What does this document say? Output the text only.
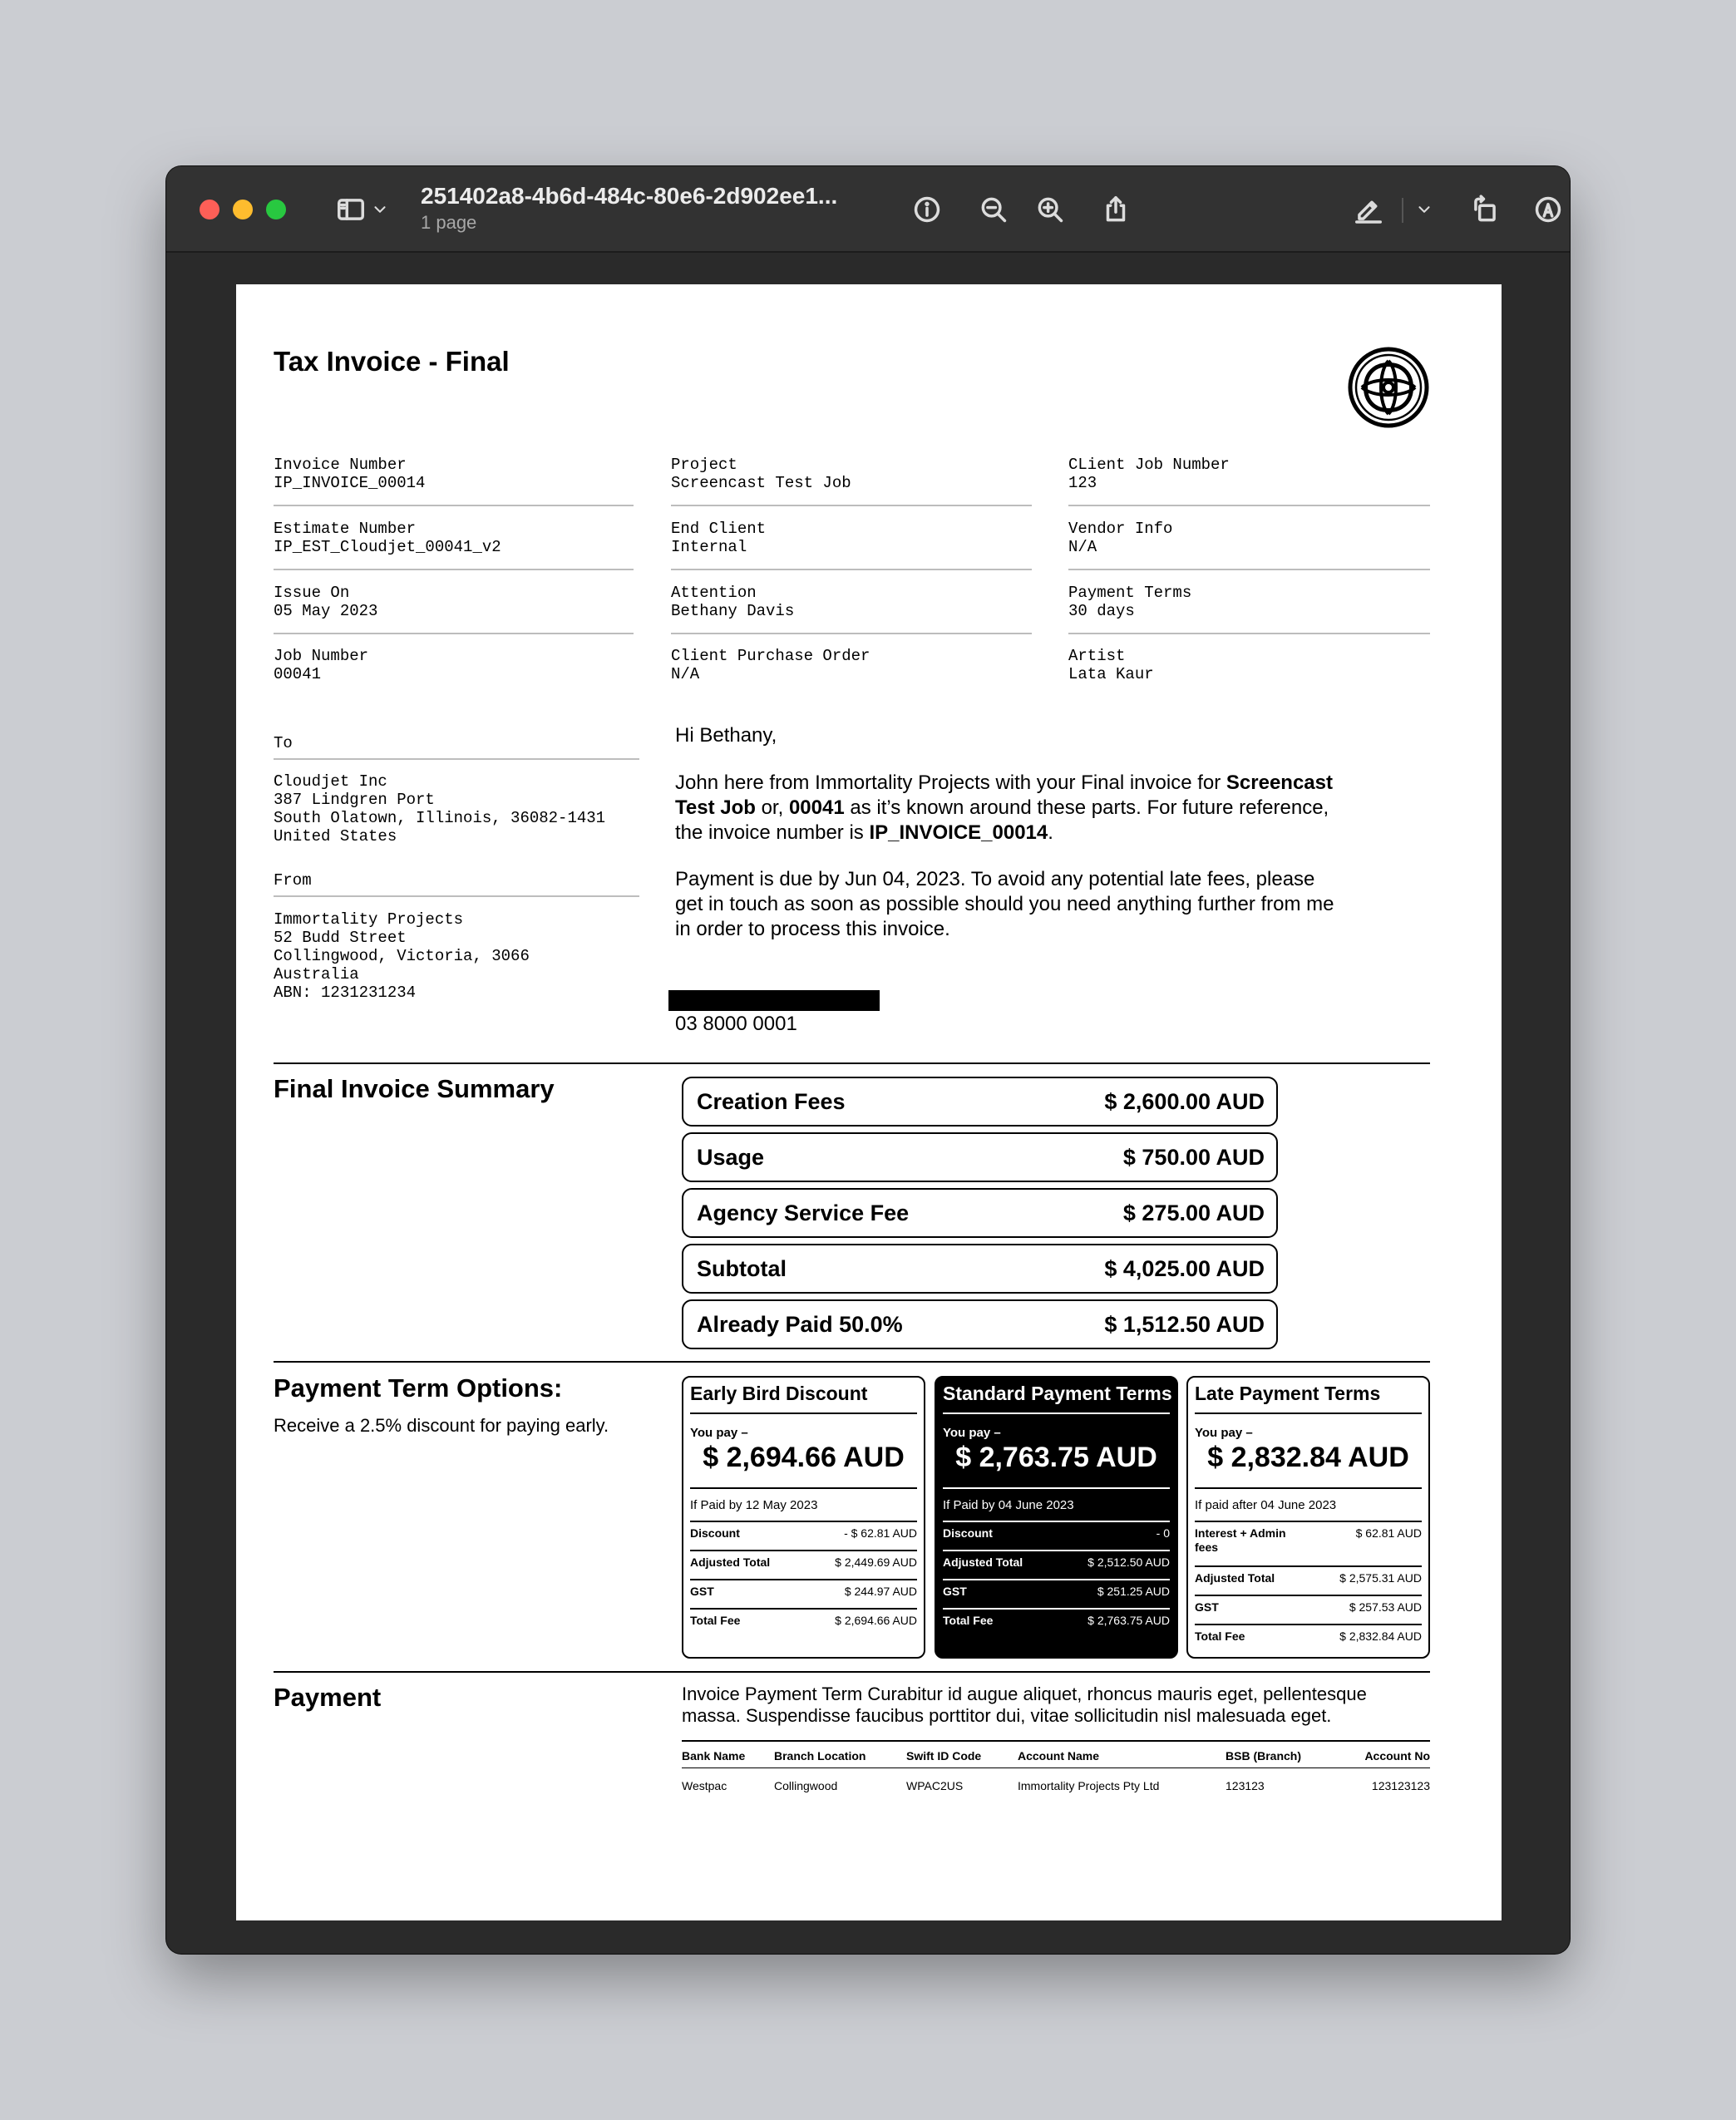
251402a8-4b6d-484c-80e6-2d902ee1...
1 page
Tax Invoice - Final
Invoice Number
IP_INVOICE_00014
Project
Screencast Test Job
CLient Job Number
123
Estimate Number
IP_EST_Cloudjet_00041_v2
End Client
Internal
Vendor Info
N/A
Issue On
05 May 2023
Attention
Bethany Davis
Payment Terms
30 days
Job Number
00041
Client Purchase Order
N/A
Artist
Lata Kaur
To
Cloudjet Inc
387 Lindgren Port
South Olatown, Illinois, 36082-1431
United States
From
Immortality Projects
52 Budd Street
Collingwood, Victoria, 3066
Australia
ABN: 1231231234
Hi Bethany,
John here from Immortality Projects with your Final invoice for Screencast
Test Job or, 00041 as it’s known around these parts. For future reference,
the invoice number is IP_INVOICE_00014.
Payment is due by Jun 04, 2023. To avoid any potential late fees, please
get in touch as soon as possible should you need anything further from me
in order to process this invoice.
03 8000 0001
Final Invoice Summary	Creation Fees	$ 2,600.00 AUD
Usage	$ 750.00 AUD
Agency Service Fee	$ 275.00 AUD
Subtotal	$ 4,025.00 AUD
Already Paid 50.0%	$ 1,512.50 AUD
Payment Term Options:
Receive a 2.5% discount for paying early.
Early Bird Discount
You pay –
$ 2,694.66 AUD
If Paid by 12 May 2023
Discount	- $ 62.81 AUD
Adjusted Total	$ 2,449.69 AUD
GST	$ 244.97 AUD
Total Fee	$ 2,694.66 AUD
Standard Payment Terms
You pay –
$ 2,763.75 AUD
If Paid by 04 June 2023
Discount	- 0
Adjusted Total	$ 2,512.50 AUD
GST	$ 251.25 AUD
Total Fee	$ 2,763.75 AUD
Late Payment Terms
You pay –
$ 2,832.84 AUD
If paid after 04 June 2023
Interest + Admin
fees
$ 62.81 AUD
Adjusted Total	$ 2,575.31 AUD
GST	$ 257.53 AUD
Total Fee	$ 2,832.84 AUD
Payment	Invoice Payment Term Curabitur id augue aliquet, rhoncus mauris eget, pellentesque
massa. Suspendisse faucibus porttitor dui, vitae sollicitudin nisl malesuada eget.
Bank Name Branch Location	Swift ID Code	Account Name	BSB (Branch)	Account No
Westpac	Collingwood	WPAC2US	Immortality Projects Pty Ltd	123123	123123123
